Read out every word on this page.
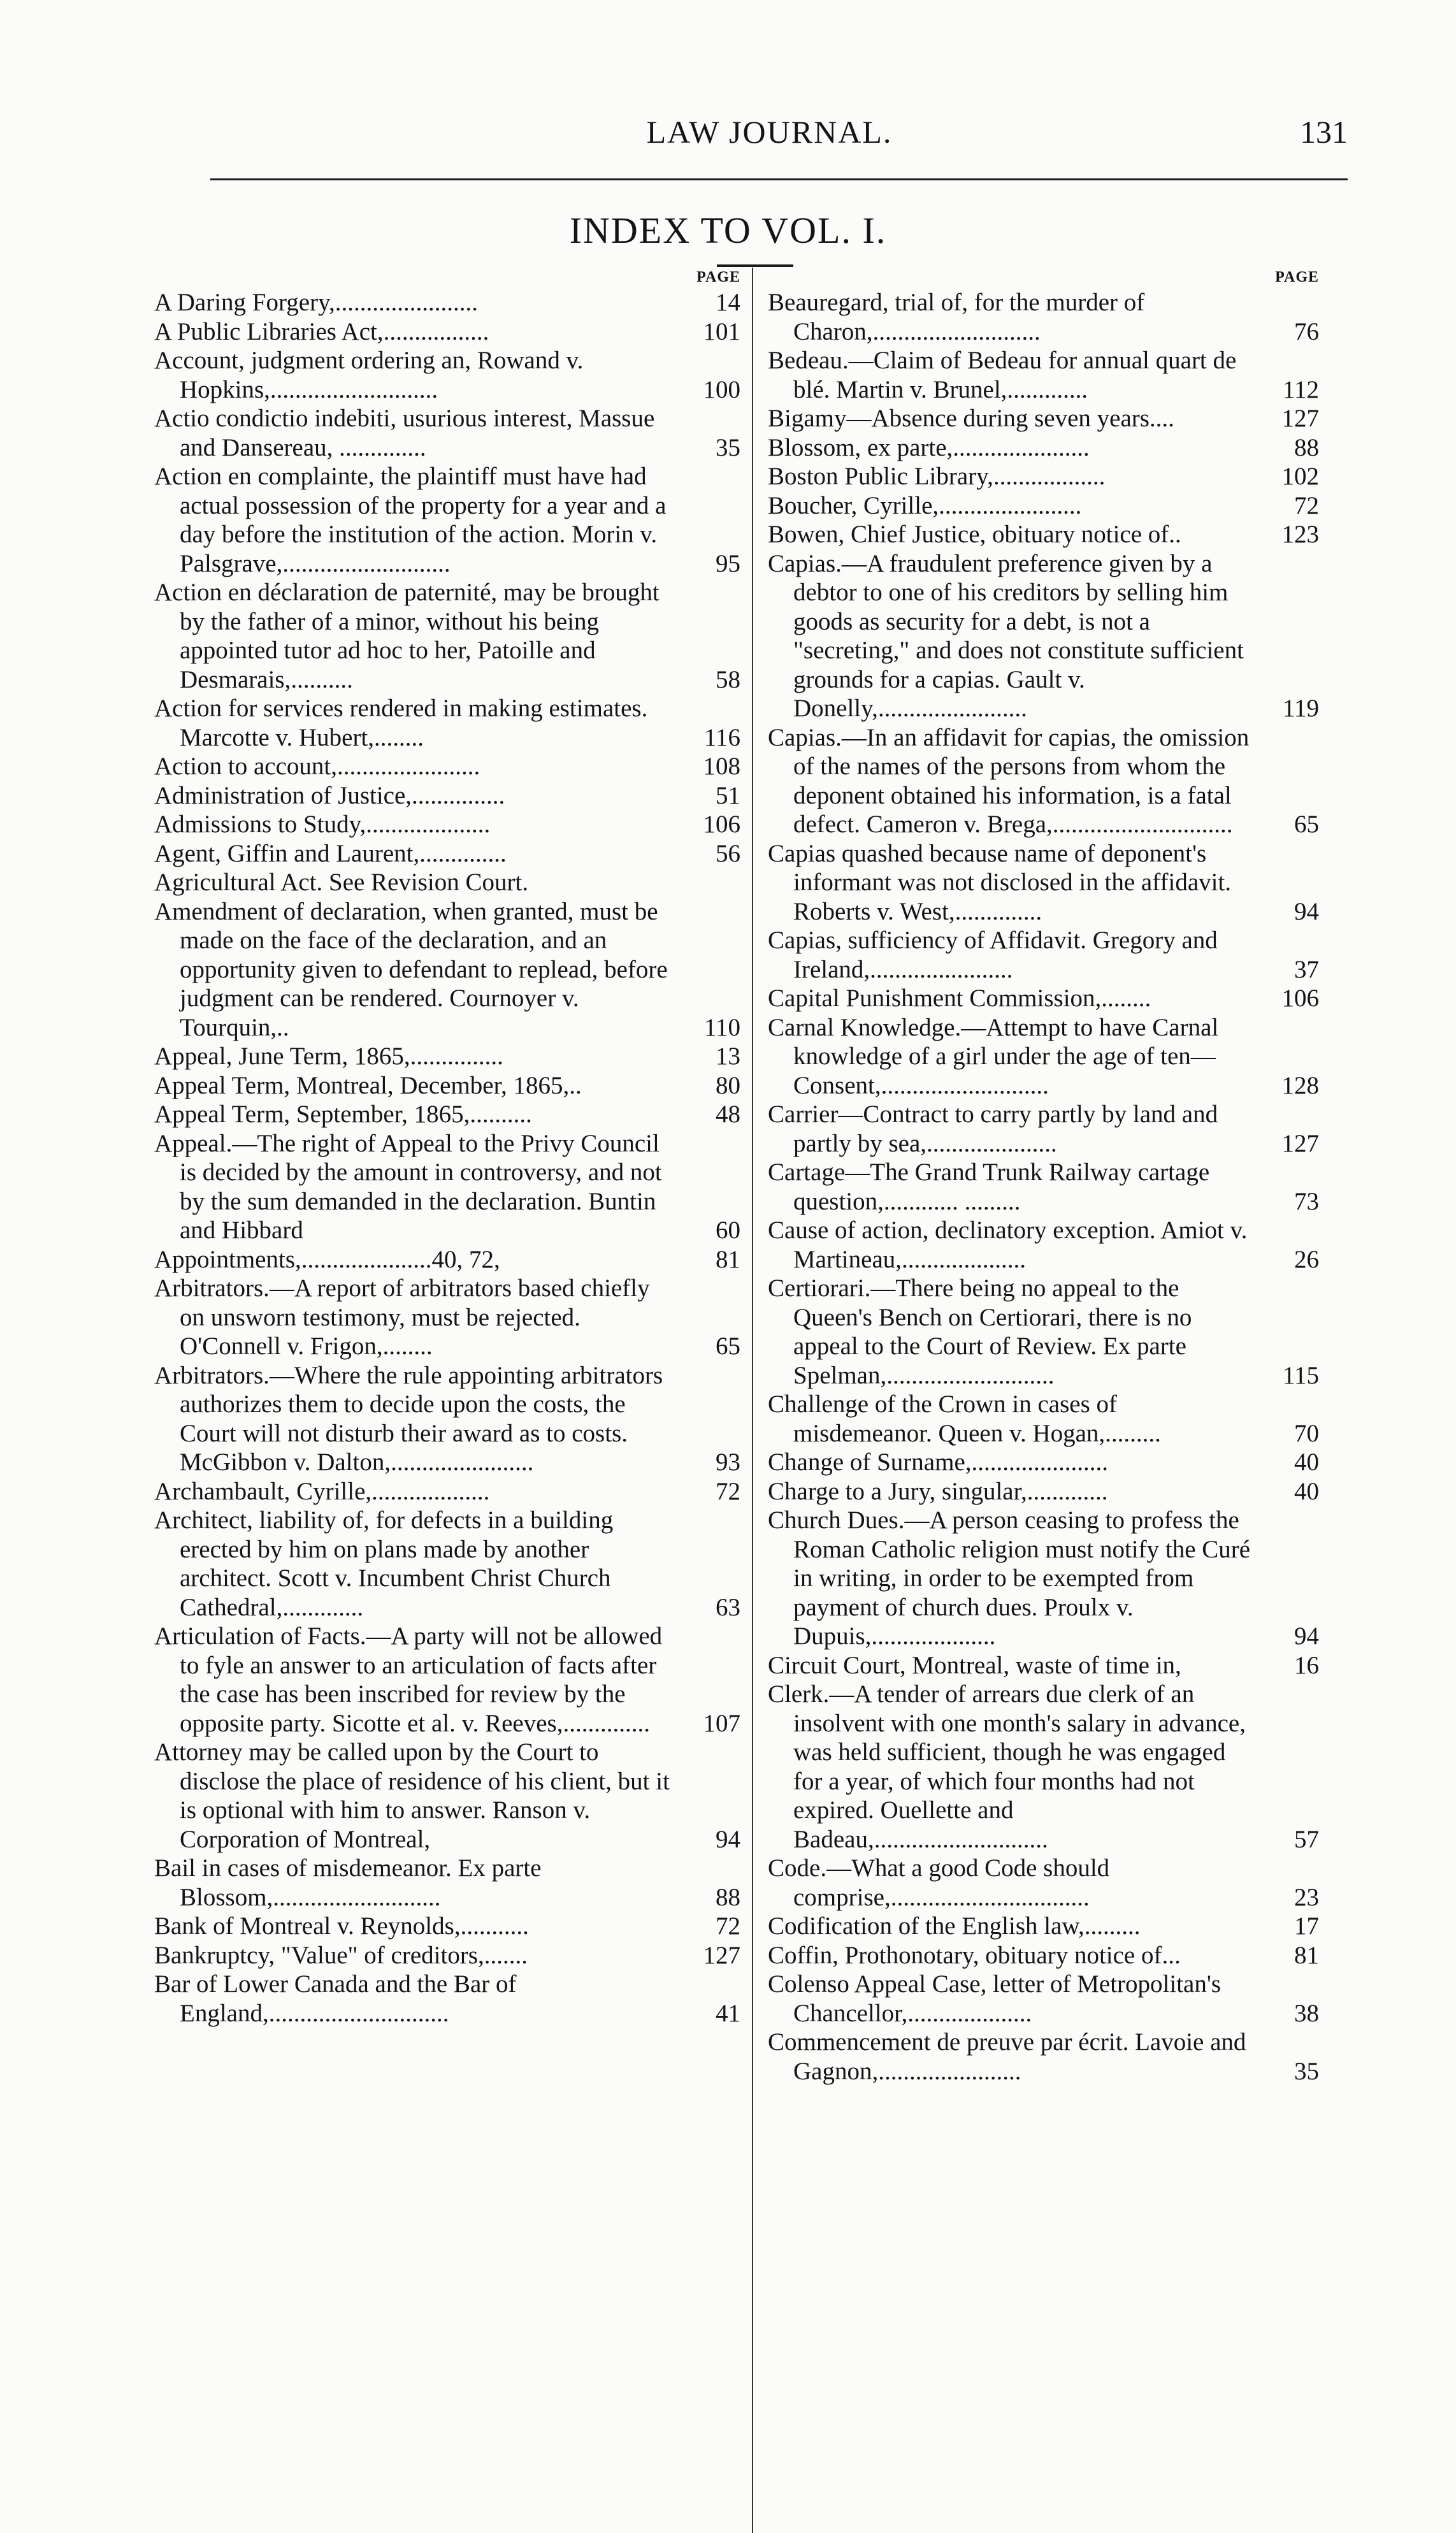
LAW JOURNAL.	131
INDEX TO VOL. I.
PAGE
A Daring Forgery,.......................	14
A Public Libraries Act,.................	101
Account, judgment ordering an, Rowand v. Hopkins,...........................	100
Actio condictio indebiti, usurious interest, Massue and Dansereau, ..............	35
Action en complainte, the plaintiff must have had actual possession of the property for a year and a day before the institution of the action. Morin v. Palsgrave,...........................	95
Action en déclaration de paternité, may be brought by the father of a minor, without his being appointed tutor ad hoc to her, Patoille and Desmarais,..........	58
Action for services rendered in making estimates. Marcotte v. Hubert,........	116
Action to account,.......................	108
Administration of Justice,...............	51
Admissions to Study,....................	106
Agent, Giffin and Laurent,..............	56
Agricultural Act. See Revision Court.
Amendment of declaration, when granted, must be made on the face of the declaration, and an opportunity given to defendant to replead, before judgment can be rendered. Cournoyer v. Tourquin,..	110
Appeal, June Term, 1865,...............	13
Appeal Term, Montreal, December, 1865,..	80
Appeal Term, September, 1865,..........	48
Appeal.—The right of Appeal to the Privy Council is decided by the amount in controversy, and not by the sum demanded in the declaration. Buntin and Hibbard	60
Appointments,.....................40, 72,	81
Arbitrators.—A report of arbitrators based chiefly on unsworn testimony, must be rejected. O'Connell v. Frigon,........	65
Arbitrators.—Where the rule appointing arbitrators authorizes them to decide upon the costs, the Court will not disturb their award as to costs. McGibbon v. Dalton,.......................	93
Archambault, Cyrille,...................	72
Architect, liability of, for defects in a building erected by him on plans made by another architect. Scott v. Incumbent Christ Church Cathedral,.............	63
Articulation of Facts.—A party will not be allowed to fyle an answer to an articulation of facts after the case has been inscribed for review by the opposite party. Sicotte et al. v. Reeves,..............	107
Attorney may be called upon by the Court to disclose the place of residence of his client, but it is optional with him to answer. Ranson v. Corporation of Montreal,	94
Bail in cases of misdemeanor. Ex parte Blossom,...........................	88
Bank of Montreal v. Reynolds,...........	72
Bankruptcy, "Value" of creditors,.......	127
Bar of Lower Canada and the Bar of England,.............................	41
PAGE
Beauregard, trial of, for the murder of Charon,...........................	76
Bedeau.—Claim of Bedeau for annual quart de blé. Martin v. Brunel,.............	112
Bigamy—Absence during seven years....	127
Blossom, ex parte,......................	88
Boston Public Library,..................	102
Boucher, Cyrille,.......................	72
Bowen, Chief Justice, obituary notice of..	123
Capias.—A fraudulent preference given by a debtor to one of his creditors by selling him goods as security for a debt, is not a "secreting," and does not constitute sufficient grounds for a capias. Gault v. Donelly,........................	119
Capias.—In an affidavit for capias, the omission of the names of the persons from whom the deponent obtained his information, is a fatal defect. Cameron v. Brega,.............................	65
Capias quashed because name of deponent's informant was not disclosed in the affidavit. Roberts v. West,..............	94
Capias, sufficiency of Affidavit. Gregory and Ireland,.......................	37
Capital Punishment Commission,........	106
Carnal Knowledge.—Attempt to have Carnal knowledge of a girl under the age of ten—Consent,...........................	128
Carrier—Contract to carry partly by land and partly by sea,.....................	127
Cartage—The Grand Trunk Railway cartage question,............ .........	73
Cause of action, declinatory exception. Amiot v. Martineau,....................	26
Certiorari.—There being no appeal to the Queen's Bench on Certiorari, there is no appeal to the Court of Review. Ex parte Spelman,...........................	115
Challenge of the Crown in cases of misdemeanor. Queen v. Hogan,.........	70
Change of Surname,......................	40
Charge to a Jury, singular,.............	40
Church Dues.—A person ceasing to profess the Roman Catholic religion must notify the Curé in writing, in order to be exempted from payment of church dues. Proulx v. Dupuis,....................	94
Circuit Court, Montreal, waste of time in,	16
Clerk.—A tender of arrears due clerk of an insolvent with one month's salary in advance, was held sufficient, though he was engaged for a year, of which four months had not expired. Ouellette and Badeau,............................	57
Code.—What a good Code should comprise,................................	23
Codification of the English law,.........	17
Coffin, Prothonotary, obituary notice of...	81
Colenso Appeal Case, letter of Metropolitan's Chancellor,....................	38
Commencement de preuve par écrit. Lavoie and Gagnon,.......................	35
